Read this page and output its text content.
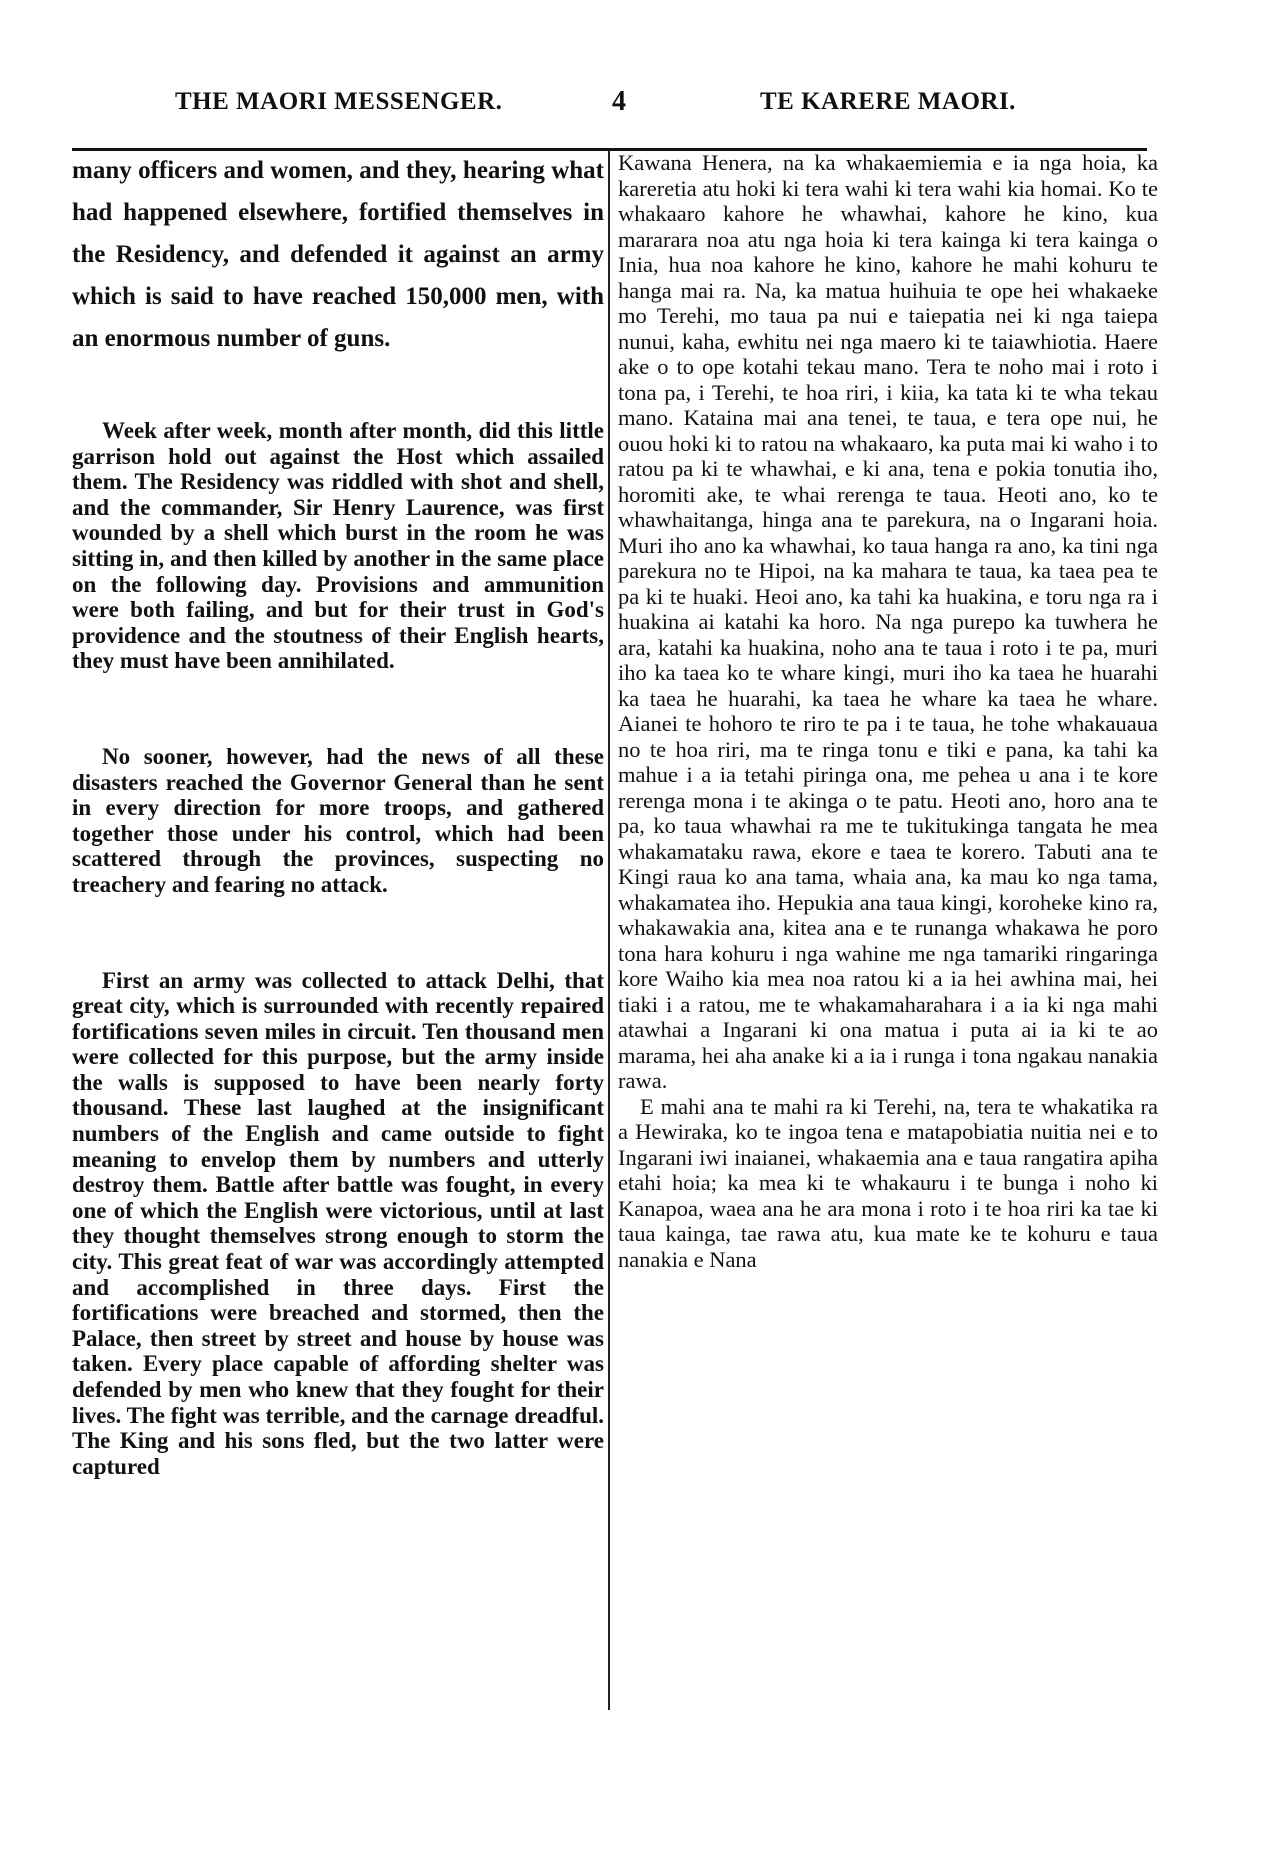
THE MAORI MESSENGER.	4	TE KARERE MAORI.

many officers and women, and they, hearing what had happened elsewhere, fortified themselves in the Residency, and defended it against an army which is said to have reached 150,000 men, with an enormous number of guns.

Week after week, month after month, did this little garrison hold out against the Host which assailed them. The Residency was riddled with shot and shell, and the commander, Sir Henry Laurence, was first wounded by a shell which burst in the room he was sitting in, and then killed by another in the same place on the following day. Provisions and ammunition were both failing, and but for their trust in God's providence and the stoutness of their English hearts, they must have been annihilated.

No sooner, however, had the news of all these disasters reached the Governor General than he sent in every direction for more troops, and gathered together those under his control, which had been scattered through the provinces, suspecting no treachery and fearing no attack.

First an army was collected to attack Delhi, that great city, which is surrounded with recently repaired fortifications seven miles in circuit. Ten thousand men were collected for this purpose, but the army inside the walls is supposed to have been nearly forty thousand. These last laughed at the insignificant numbers of the English and came outside to fight meaning to envelop them by numbers and utterly destroy them. Battle after battle was fought, in every one of which the English were victorious, until at last they thought themselves strong enough to storm the city. This great feat of war was accordingly attempted and accomplished in three days. First the fortifications were breached and stormed, then the Palace, then street by street and house by house was taken. Every place capable of affording shelter was defended by men who knew that they fought for their lives. The fight was terrible, and the carnage dreadful. The King and his sons fled, but the two latter were captured

Kawana Henera, na ka whakaemiemia e ia nga hoia, ka kareretia atu hoki ki tera wahi ki tera wahi kia homai. Ko te whakaaro kahore he whawhai, kahore he kino, kua mararara noa atu nga hoia ki tera kainga ki tera kainga o Inia, hua noa kahore he kino, kahore he mahi kohuru te hanga mai ra. Na, ka matua huihuia te ope hei whakaeke mo Terehi, mo taua pa nui e taiepatia nei ki nga taiepa nunui, kaha, ewhitu nei nga maero ki te taiawhiotia. Haere ake o to ope kotahi tekau mano. Tera te noho mai i roto i tona pa, i Terehi, te hoa riri, i kiia, ka tata ki te wha tekau mano. Kataina mai ana tenei, te taua, e tera ope nui, he ouou hoki ki to ratou na whakaaro, ka puta mai ki waho i to ratou pa ki te whawhai, e ki ana, tena e pokia tonutia iho, horomiti ake, te whai rerenga te taua. Heoti ano, ko te whawhaitanga, hinga ana te parekura, na o Ingarani hoia. Muri iho ano ka whawhai, ko taua hanga ra ano, ka tini nga parekura no te Hipoi, na ka mahara te taua, ka taea pea te pa ki te huaki. Heoi ano, ka tahi ka huakina, e toru nga ra i huakina ai katahi ka horo. Na nga purepo ka tuwhera he ara, katahi ka huakina, noho ana te taua i roto i te pa, muri iho ka taea ko te whare kingi, muri iho ka taea he huarahi ka taea he huarahi, ka taea he whare ka taea he whare. Aianei te hohoro te riro te pa i te taua, he tohe whakauaua no te hoa riri, ma te ringa tonu e tiki e pana, ka tahi ka mahue i a ia tetahi piringa ona, me pehea u ana i te kore rerenga mona i te akinga o te patu. Heoti ano, horo ana te pa, ko taua whawhai ra me te tukitukinga tangata he mea whakamataku rawa, ekore e taea te korero. Tabuti ana te Kingi raua ko ana tama, whaia ana, ka mau ko nga tama, whakamatea iho. Hepukia ana taua kingi, koroheke kino ra, whakawakia ana, kitea ana e te runanga whakawa he poro tona hara kohuru i nga wahine me nga tamariki ringaringa kore Waiho kia mea noa ratou ki a ia hei awhina mai, hei tiaki i a ratou, me te whakamaharahara i a ia ki nga mahi atawhai a Ingarani ki ona matua i puta ai ia ki te ao marama, hei aha anake ki a ia i runga i tona ngakau nanakia rawa.

E mahi ana te mahi ra ki Terehi, na, tera te whakatika ra a Hewiraka, ko te ingoa tena e matapobiatia nuitia nei e to Ingarani iwi inaianei, whakaemia ana e taua rangatira apiha etahi hoia; ka mea ki te whakauru i te bunga i noho ki Kanapoa, waea ana he ara mona i roto i te hoa riri ka tae ki taua kainga, tae rawa atu, kua mate ke te kohuru e taua nanakia e Nana
